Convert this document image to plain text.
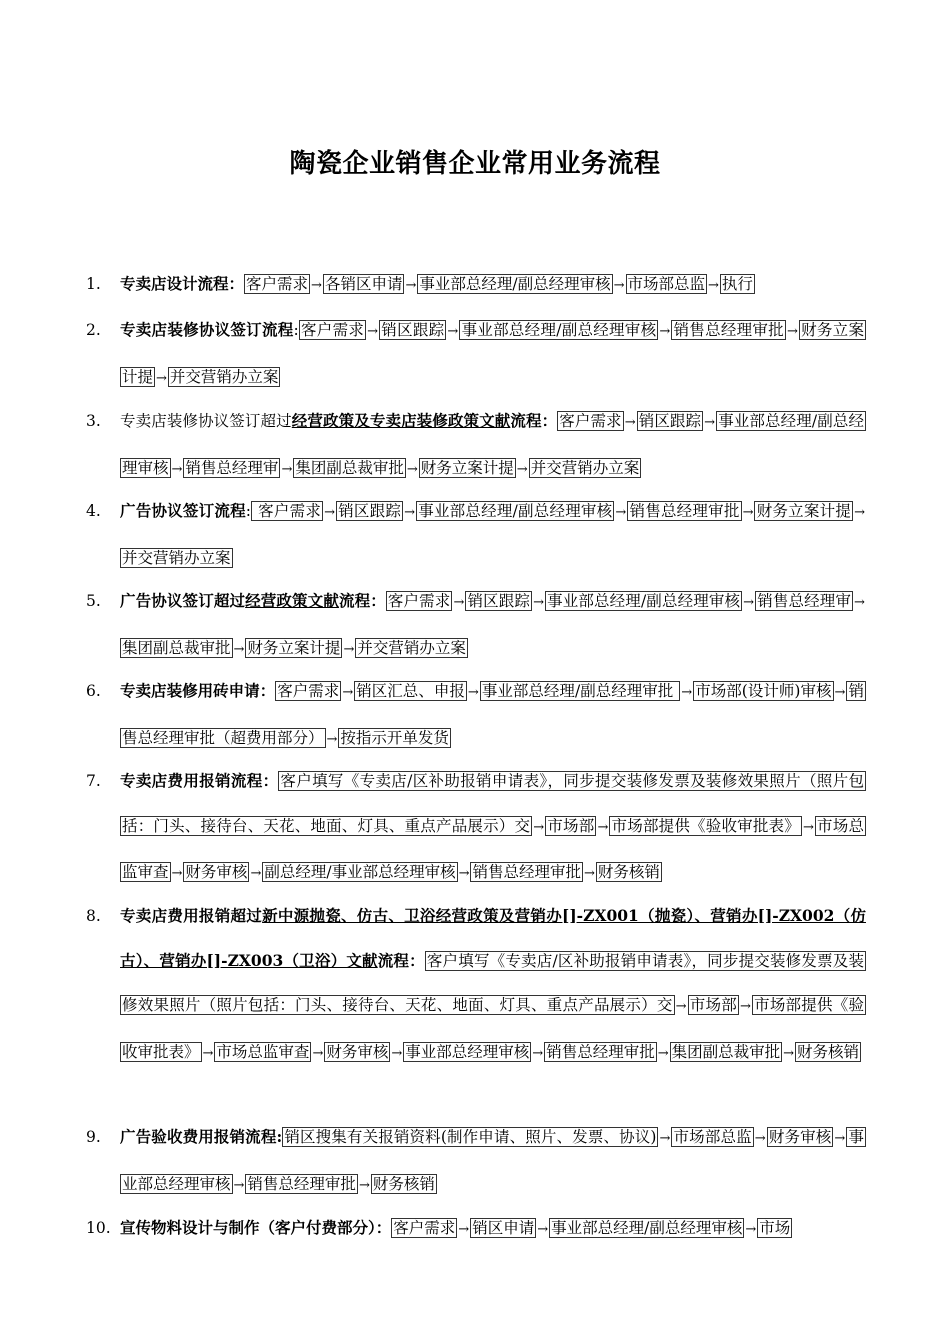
陶瓷企业销售企业常用业务流程
1.	专卖店设计流程： 客户需求 → 各销区申请 → 事业部总经理/副总经理审核 → 市场部总监 → 执行
2.	专卖店装修协议签订流程: 客户需求 → 销区跟踪 → 事业部总经理/副总经理审核 → 销售总经理审批 → 财务立案计提 → 并交营销办立案
3.	专卖店装修协议签订超过经营政策及专卖店装修政策文献流程： 客户需求 → 销区跟踪 → 事业部总经理/副总经理审核 → 销售总经理审 → 集团副总裁审批 → 财务立案计提 → 并交营销办立案
4.	广告协议签订流程: 客户需求 → 销区跟踪 → 事业部总经理/副总经理审核 → 销售总经理审批 → 财务立案计提 →并交营销办立案
5.	广告协议签订超过经营政策文献流程： 客户需求 → 销区跟踪 → 事业部总经理/副总经理审核 → 销售总经理审 →集团副总裁审批 → 财务立案计提 → 并交营销办立案
6.	专卖店装修用砖申请： 客户需求 → 销区汇总、申报 → 事业部总经理/副总经理审批 → 市场部(设计师)审核 → 销售总经理审批（超费用部分） → 按指示开单发货
7.	专卖店费用报销流程： 客户填写《专卖店/区补助报销申请表》，同步提交装修发票及装修效果照片（照片包括：门头、接待台、天花、地面、灯具、重点产品展示）交 → 市场部 → 市场部提供《验收审批表》 → 市场总监审查 → 财务审核 → 副总经理/事业部总经理审核 → 销售总经理审批 → 财务核销
8.	专卖店费用报销超过新中源抛瓷、仿古、卫浴经营政策及营销办[]-ZX001（抛瓷）、营销办[]-ZX002（仿古）、营销办[]-ZX003（卫浴）文献流程： 客户填写《专卖店/区补助报销申请表》，同步提交装修发票及装修效果照片（照片包括：门头、接待台、天花、地面、灯具、重点产品展示）交 → 市场部 → 市场部提供《验收审批表》 → 市场总监审查 → 财务审核 → 事业部总经理审核 → 销售总经理审批 → 集团副总裁审批 → 财务核销
9.	广告验收费用报销流程: 销区搜集有关报销资料(制作申请、照片、发票、协议) → 市场部总监 → 财务审核 → 事业部总经理审核 → 销售总经理审批 → 财务核销
10. 宣传物料设计与制作（客户付费部分）： 客户需求 → 销区申请 → 事业部总经理/副总经理审核 → 市场
